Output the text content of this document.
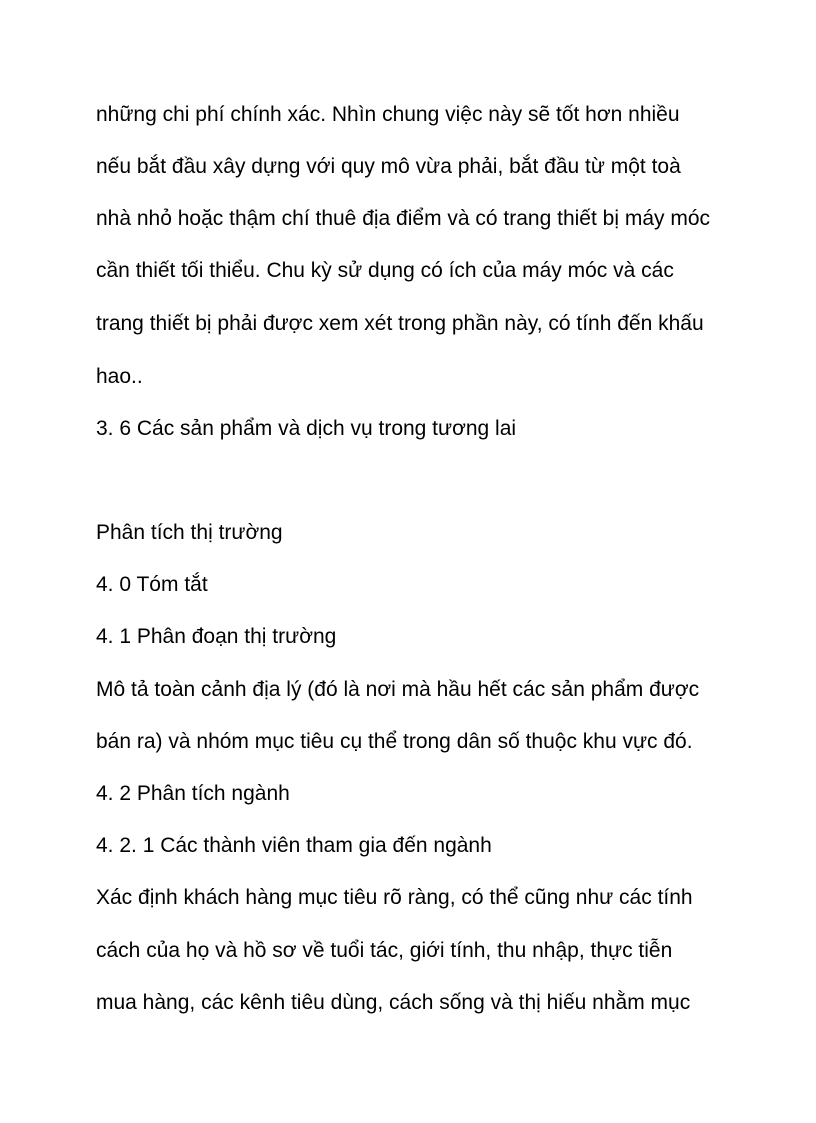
những chi phí chính xác. Nhìn chung việc này sẽ tốt hơn nhiều
nếu bắt đầu xây dựng với quy mô vừa phải, bắt đầu từ một toà
nhà nhỏ hoặc thậm chí thuê địa điểm và có trang thiết bị máy móc
cần thiết tối thiểu. Chu kỳ sử dụng có ích của máy móc và các
trang thiết bị phải được xem xét trong phần này, có tính đến khấu
hao..
3. 6 Các sản phẩm và dịch vụ trong tương lai
Phân tích thị trường
4. 0 Tóm tắt
4. 1 Phân đoạn thị trường
Mô tả toàn cảnh địa lý (đó là nơi mà hầu hết các sản phẩm được
bán ra) và nhóm mục tiêu cụ thể trong dân số thuộc khu vực đó.
4. 2 Phân tích ngành
4. 2. 1 Các thành viên tham gia đến ngành
Xác định khách hàng mục tiêu rõ ràng, có thể cũng như các tính
cách của họ và hồ sơ về tuổi tác, giới tính, thu nhập, thực tiễn
mua hàng, các kênh tiêu dùng, cách sống và thị hiếu nhằm mục
